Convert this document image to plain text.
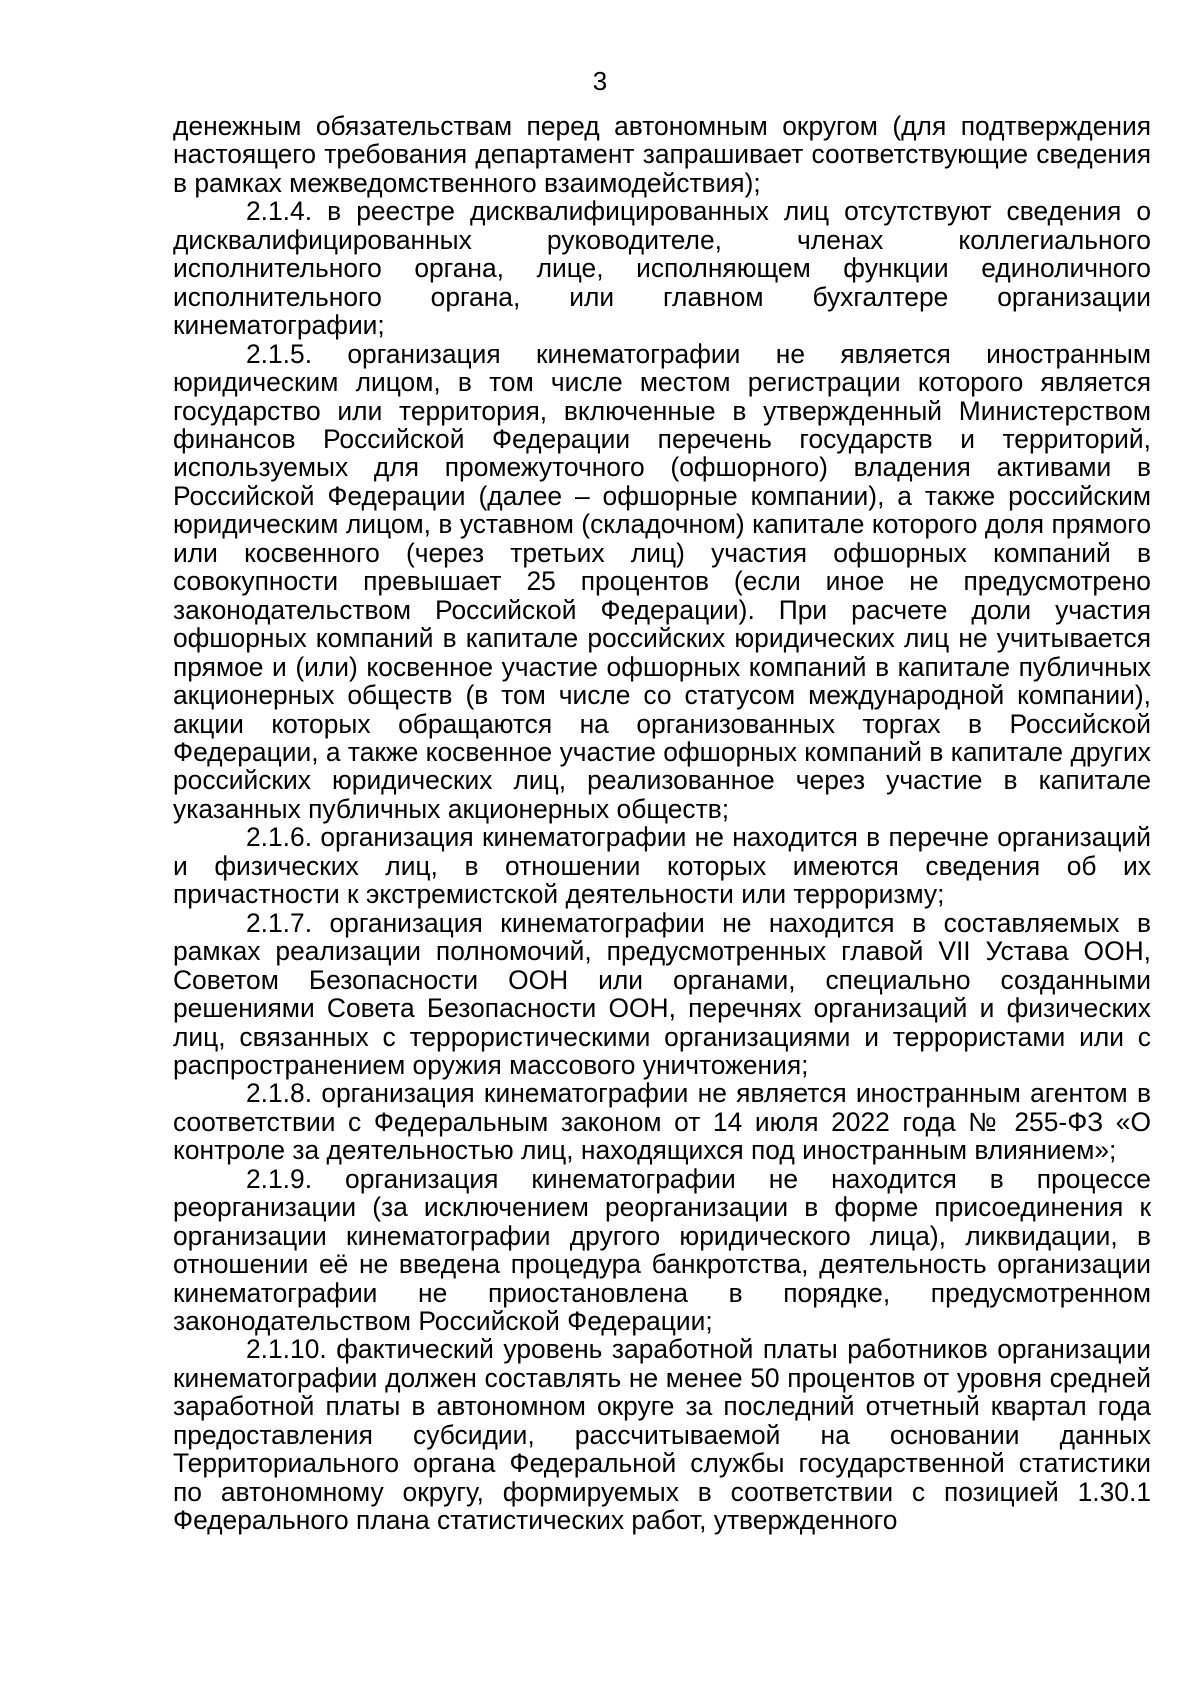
3

денежным обязательствам перед автономным округом (для подтверждения настоящего требования департамент запрашивает соответствующие сведения в рамках межведомственного взаимодействия);

2.1.4. в реестре дисквалифицированных лиц отсутствуют сведения о дисквалифицированных руководителе, членах коллегиального исполнительного органа, лице, исполняющем функции единоличного исполнительного органа, или главном бухгалтере организации кинематографии;

2.1.5. организация кинематографии не является иностранным юридическим лицом, в том числе местом регистрации которого является государство или территория, включенные в утвержденный Министерством финансов Российской Федерации перечень государств и территорий, используемых для промежуточного (офшорного) владения активами в Российской Федерации (далее – офшорные компании), а также российским юридическим лицом, в уставном (складочном) капитале которого доля прямого или косвенного (через третьих лиц) участия офшорных компаний в совокупности превышает 25 процентов (если иное не предусмотрено законодательством Российской Федерации). При расчете доли участия офшорных компаний в капитале российских юридических лиц не учитывается прямое и (или) косвенное участие офшорных компаний в капитале публичных акционерных обществ (в том числе со статусом международной компании), акции которых обращаются на организованных торгах в Российской Федерации, а также косвенное участие офшорных компаний в капитале других российских юридических лиц, реализованное через участие в капитале указанных публичных акционерных обществ;

2.1.6. организация кинематографии не находится в перечне организаций и физических лиц, в отношении которых имеются сведения об их причастности к экстремистской деятельности или терроризму;

2.1.7. организация кинематографии не находится в составляемых в рамках реализации полномочий, предусмотренных главой VII Устава ООН, Советом Безопасности ООН или органами, специально созданными решениями Совета Безопасности ООН, перечнях организаций и физических лиц, связанных с террористическими организациями и террористами или с распространением оружия массового уничтожения;

2.1.8. организация кинематографии не является иностранным агентом в соответствии с Федеральным законом от 14 июля 2022 года № 255-ФЗ «О контроле за деятельностью лиц, находящихся под иностранным влиянием»;

2.1.9. организация кинематографии не находится в процессе реорганизации (за исключением реорганизации в форме присоединения к организации кинематографии другого юридического лица), ликвидации, в отношении её не введена процедура банкротства, деятельность организации кинематографии не приостановлена в порядке, предусмотренном законодательством Российской Федерации;

2.1.10. фактический уровень заработной платы работников организации кинематографии должен составлять не менее 50 процентов от уровня средней заработной платы в автономном округе за последний отчетный квартал года предоставления субсидии, рассчитываемой на основании данных Территориального органа Федеральной службы государственной статистики по автономному округу, формируемых в соответствии с позицией 1.30.1 Федерального плана статистических работ, утвержденного
